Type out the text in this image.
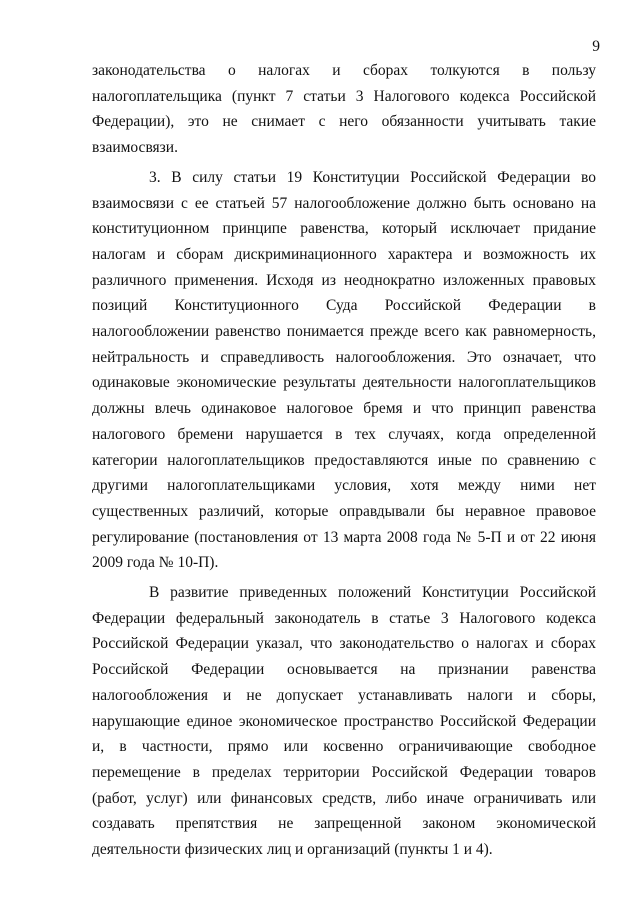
9

законодательства о налогах и сборах толкуются в пользу налогоплательщика (пункт 7 статьи 3 Налогового кодекса Российской Федерации), это не снимает с него обязанности учитывать такие взаимосвязи.

3. В силу статьи 19 Конституции Российской Федерации во взаимосвязи с ее статьей 57 налогообложение должно быть основано на конституционном принципе равенства, который исключает придание налогам и сборам дискриминационного характера и возможность их различного применения. Исходя из неоднократно изложенных правовых позиций Конституционного Суда Российской Федерации в налогообложении равенство понимается прежде всего как равномерность, нейтральность и справедливость налогообложения. Это означает, что одинаковые экономические результаты деятельности налогоплательщиков должны влечь одинаковое налоговое бремя и что принцип равенства налогового бремени нарушается в тех случаях, когда определенной категории налогоплательщиков предоставляются иные по сравнению с другими налогоплательщиками условия, хотя между ними нет существенных различий, которые оправдывали бы неравное правовое регулирование (постановления от 13 марта 2008 года № 5-П и от 22 июня 2009 года № 10-П).

В развитие приведенных положений Конституции Российской Федерации федеральный законодатель в статье 3 Налогового кодекса Российской Федерации указал, что законодательство о налогах и сборах Российской Федерации основывается на признании равенства налогообложения и не допускает устанавливать налоги и сборы, нарушающие единое экономическое пространство Российской Федерации и, в частности, прямо или косвенно ограничивающие свободное перемещение в пределах территории Российской Федерации товаров (работ, услуг) или финансовых средств, либо иначе ограничивать или создавать препятствия не запрещенной законом экономической деятельности физических лиц и организаций (пункты 1 и 4).
